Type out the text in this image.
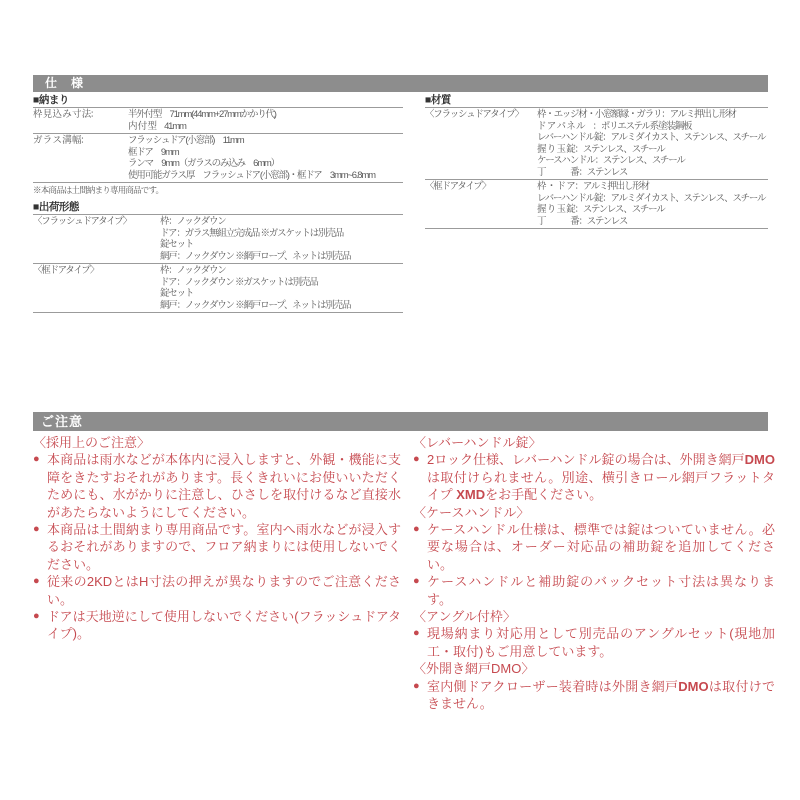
仕　様
■納まり
枠 見 込 み 寸 法：	半外付型　71mm(44mm+27mmかかり代)
内 付 型　41mm
ガ ラ ス 溝 幅：	フラッシュドア(小窓部)　11mm
框ドア　9mm
ランマ　9mm（ガラスのみ込み　6mm）
使用可能ガラス厚　フラッシュドア(小窓部)・框ドア　3mm~6.8mm
※本商品は土間納まり専用商品です。
■出荷形態
〈フラッシュドアタイプ〉	枠：ノックダウン
ドア：ガラス無組立完成品 ※ガスケットは別売品
錠セット
網戸：ノックダウン ※網戸ロープ、ネットは別売品
〈框ドアタイプ〉	枠：ノックダウン
ドア：ノックダウン ※ガスケットは別売品
錠セット
網戸：ノックダウン ※網戸ロープ、ネットは別売品
■材質
〈フラッシュドアタイプ〉	枠・エッジ材・小窓額縁・ガラリ：アルミ押出し形材
ド ア パ ネ ル　：ポリエステル系塗装鋼板
レバーハンドル錠：アルミダイカスト、ステンレス、スチール
握 り 玉 錠：ステンレス、スチール
ケースハンドル：ステンレス、スチール
丁　　　番：ステンレス
〈框ドアタイプ〉	枠 ・ ド ア：アルミ押出し形材
レバーハンドル錠：アルミダイカスト、ステンレス、スチール
握 り 玉 錠：ステンレス、スチール
丁　　　番：ステンレス
ご注意
〈採用上のご注意〉
● 本商品は雨水などが本体内に浸入しますと、外観・機能に支障をきたすおそれがあります。長くきれいにお使いいただくためにも、水がかりに注意し、ひさしを取付けるなど直接水があたらないようにしてください。
● 本商品は土間納まり専用商品です。室内へ雨水などが浸入するおそれがありますので、フロア納まりには使用しないでください。
● 従来の2KDとはH寸法の押えが異なりますのでご注意ください。
● ドアは天地逆にして使用しないでください(フラッシュドアタイプ)。
〈レバーハンドル錠〉
● 2ロック仕様、レバーハンドル錠の場合は、外開き網戸DMOは取付けられません。別途、横引きロール網戸フラットタイプ XMDをお手配ください。
〈ケースハンドル〉
● ケースハンドル仕様は、標準では錠はついていません。必要な場合は、オーダー対応品の補助錠を追加してください。
● ケースハンドルと補助錠のバックセット寸法は異なります。
〈アングル付枠〉
● 現場納まり対応用として別売品のアングルセット(現地加工・取付)もご用意しています。
〈外開き網戸DMO〉
● 室内側ドアクローザー装着時は外開き網戸DMOは取付けできません。
